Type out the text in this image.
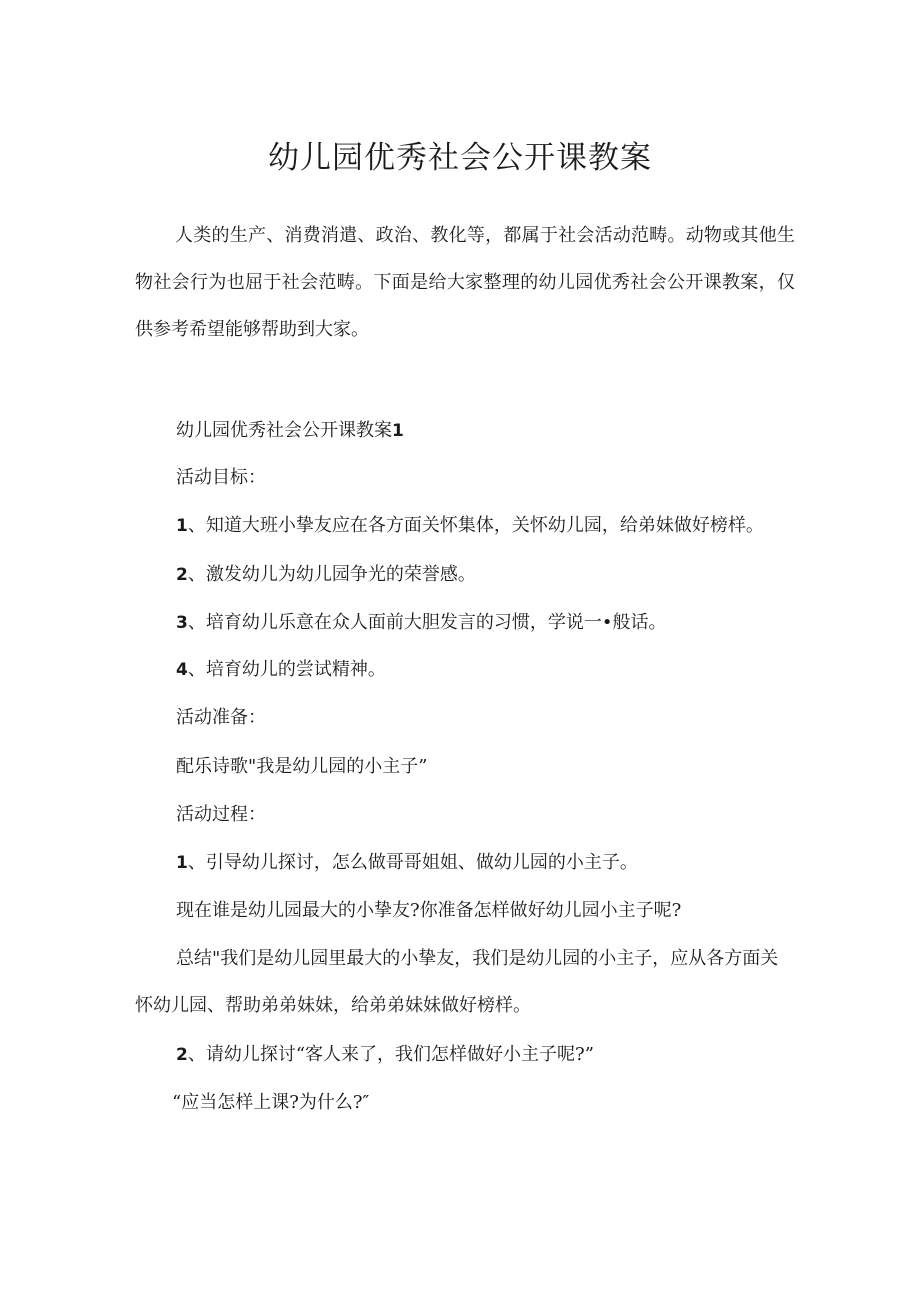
幼儿园优秀社会公开课教案

人类的生产、消费消遣、政治、教化等，都属于社会活动范畴。动物或其他生物社会行为也屈于社会范畴。下面是给大家整理的幼儿园优秀社会公开课教案，仅供参考希望能够帮助到大家。

幼儿园优秀社会公开课教案1

活动目标：

1、知道大班小挚友应在各方面关怀集体，关怀幼儿园，给弟妹做好榜样。

2、激发幼儿为幼儿园争光的荣誉感。

3、培育幼儿乐意在众人面前大胆发言的习惯，学说一•般话。

4、培育幼儿的尝试精神。

活动准备：

配乐诗歌"我是幼儿园的小主子”

活动过程：

1、引导幼儿探讨，怎么做哥哥姐姐、做幼儿园的小主子。

现在谁是幼儿园最大的小挚友?你准备怎样做好幼儿园小主子呢?

总结"我们是幼儿园里最大的小挚友，我们是幼儿园的小主子，应从各方面关怀幼儿园、帮助弟弟妹妹，给弟弟妹妹做好榜样。

2、请幼儿探讨“客人来了，我们怎样做好小主子呢?”

“应当怎样上课?为什么?″
